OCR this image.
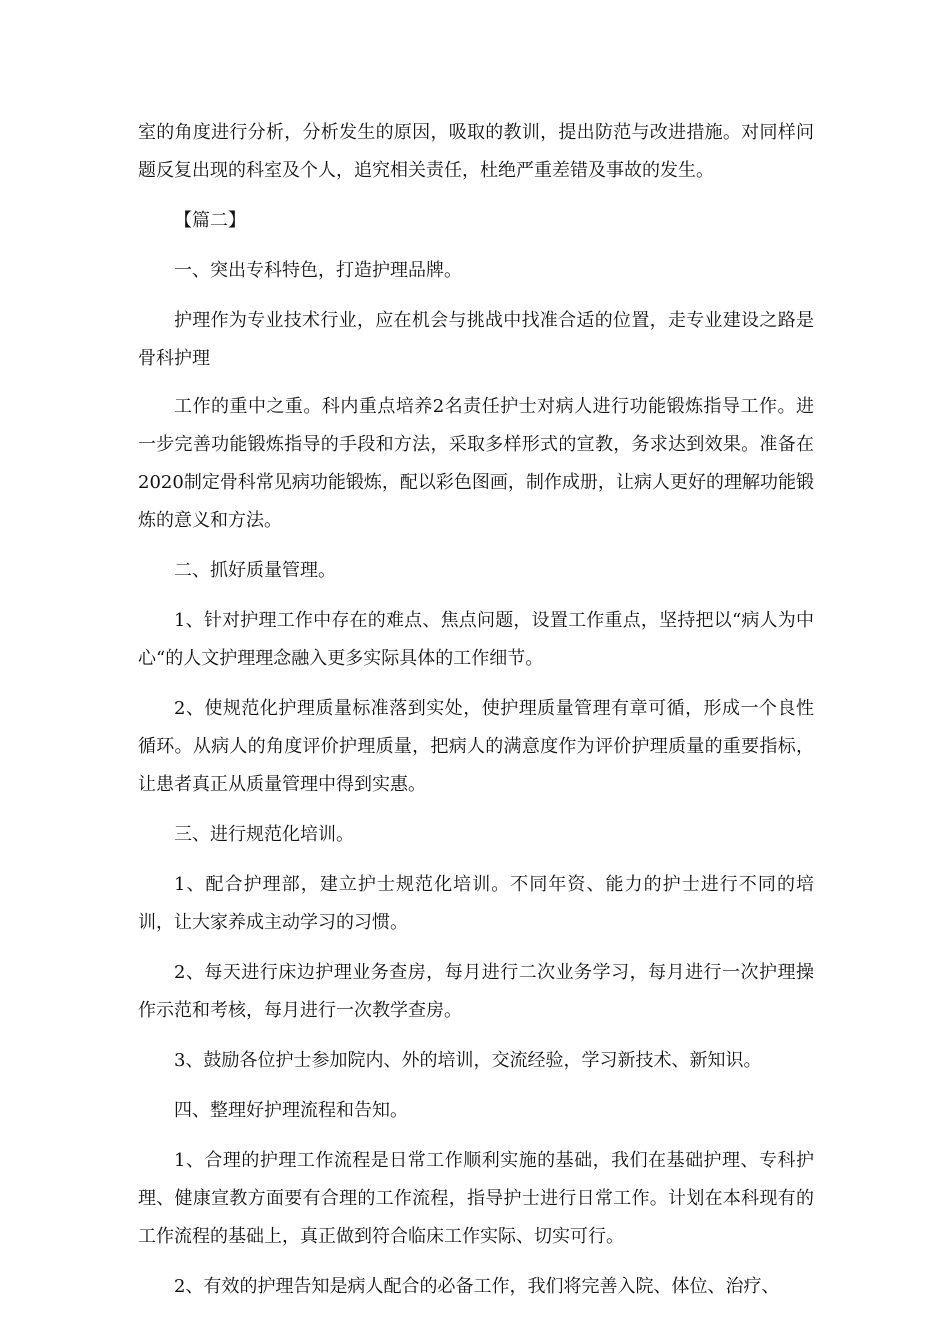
室的角度进行分析，分析发生的原因，吸取的教训，提出防范与改进措施。对同样问题反复出现的科室及个人，追究相关责任，杜绝严重差错及事故的发生。

【篇二】

一、突出专科特色，打造护理品牌。

护理作为专业技术行业，应在机会与挑战中找准合适的位置，走专业建设之路是骨科护理

工作的重中之重。科内重点培养2名责任护士对病人进行功能锻炼指导工作。进一步完善功能锻炼指导的手段和方法，采取多样形式的宣教，务求达到效果。准备在2020制定骨科常见病功能锻炼，配以彩色图画，制作成册，让病人更好的理解功能锻炼的意义和方法。

二、抓好质量管理。

1、针对护理工作中存在的难点、焦点问题，设置工作重点，坚持把以“病人为中心“的人文护理理念融入更多实际具体的工作细节。

2、使规范化护理质量标准落到实处，使护理质量管理有章可循，形成一个良性循环。从病人的角度评价护理质量，把病人的满意度作为评价护理质量的重要指标，让患者真正从质量管理中得到实惠。

三、进行规范化培训。

1、配合护理部，建立护士规范化培训。不同年资、能力的护士进行不同的培训，让大家养成主动学习的习惯。

2、每天进行床边护理业务查房，每月进行二次业务学习，每月进行一次护理操作示范和考核，每月进行一次教学查房。

3、鼓励各位护士参加院内、外的培训，交流经验，学习新技术、新知识。

四、整理好护理流程和告知。

1、合理的护理工作流程是日常工作顺利实施的基础，我们在基础护理、专科护理、健康宣教方面要有合理的工作流程，指导护士进行日常工作。计划在本科现有的工作流程的基础上，真正做到符合临床工作实际、切实可行。

2、有效的护理告知是病人配合的必备工作，我们将完善入院、体位、治疗、
